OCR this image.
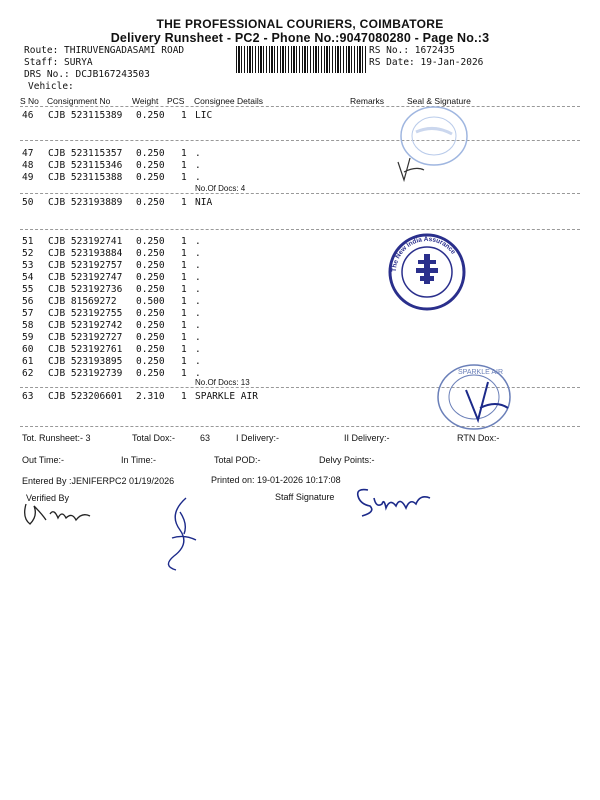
THE PROFESSIONAL COURIERS, COIMBATORE
Delivery Runsheet - PC2 - Phone No.:9047080280 - Page No.:3
Route: THIRUVENGADASAMI ROAD
Staff: SURYA
DRS No.: DCJB167243503
Vehicle:
RS No.: 1672435
RS Date: 19-Jan-2026
S No Consignment No	Weight PCS Consignee Details	Remarks	Seal & Signature
46 CJB 523115389 0.250 1 LIC
47 CJB 523115357 0.250 1 .
48 CJB 523115346 0.250 1 .
49 CJB 523115388 0.250 1 .
No.Of Docs: 4
50 CJB 523193889 0.250 1 NIA
51 CJB 523192741 0.250 1 .
52 CJB 523193884 0.250 1 .
53 CJB 523192757 0.250 1 .
54 CJB 523192747 0.250 1 .
55 CJB 523192736 0.250 1 .
56 CJB 81569272 0.500 1 .
57 CJB 523192755 0.250 1 .
58 CJB 523192742 0.250 1 .
59 CJB 523192727 0.250 1 .
60 CJB 523192761 0.250 1 .
61 CJB 523193895 0.250 1 .
62 CJB 523192739 0.250 1 .
No.Of Docs: 13
63 CJB 523206601 2.310 1 SPARKLE AIR
Tot. Runsheet:- 3	Total Dox:-	63	I Delivery:-	II Delivery:-	RTN Dox:-
Out Time:-	In Time:-	Total POD:-	Delvy Points:-
Entered By :JENIFERPC2 01/19/2026	Printed on: 19-01-2026 10:17:08
Verified By	Staff Signature
The New India Assurance
SPARKLE AIR
